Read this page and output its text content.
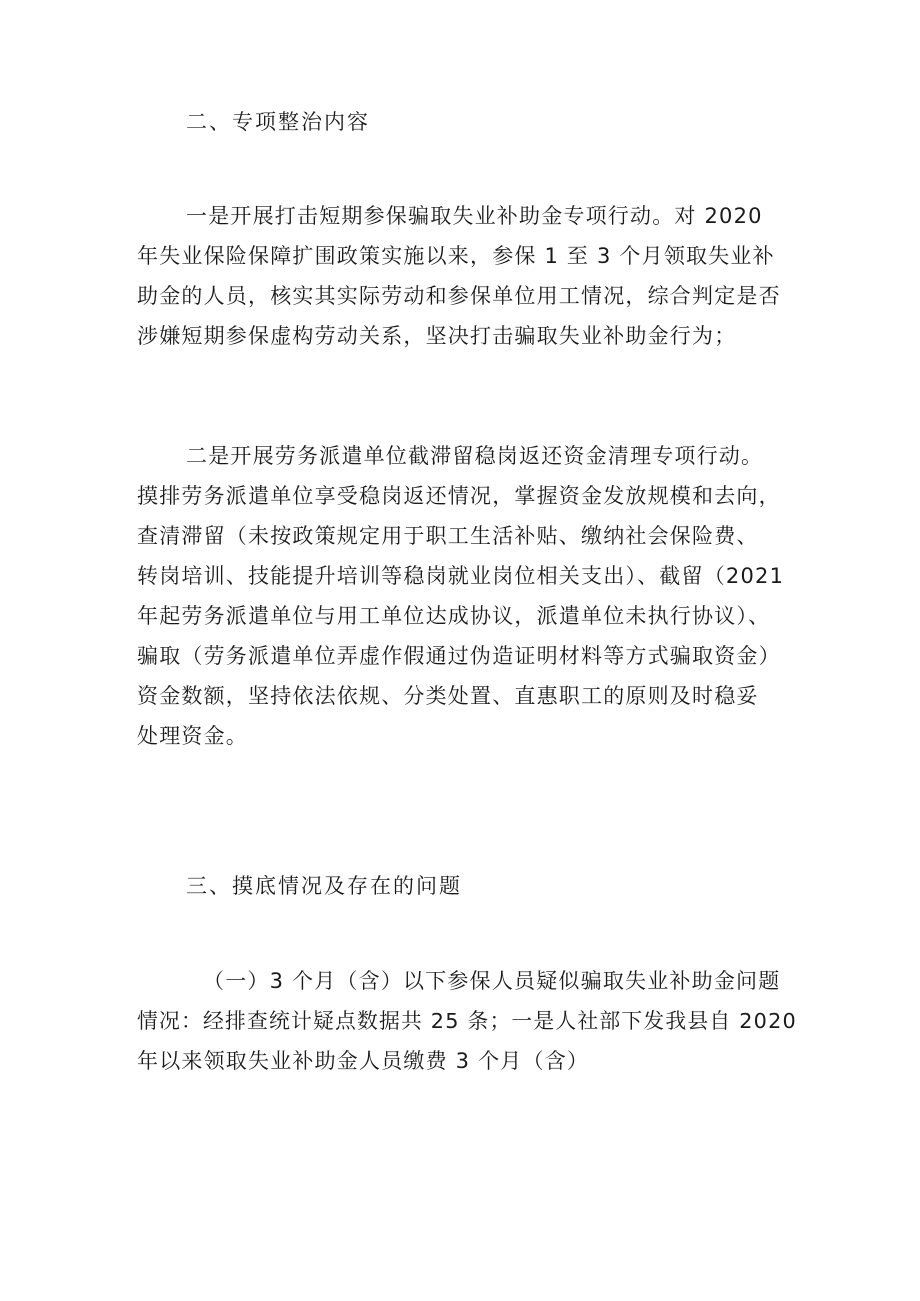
二、专项整治内容
一是开展打击短期参保骗取失业补助金专项行动。对 2020
年失业保险保障扩围政策实施以来，参保 1 至 3 个月领取失业补
助金的人员，核实其实际劳动和参保单位用工情况，综合判定是否
涉嫌短期参保虚构劳动关系，坚决打击骗取失业补助金行为；
二是开展劳务派遣单位截滞留稳岗返还资金清理专项行动。
摸排劳务派遣单位享受稳岗返还情况，掌握资金发放规模和去向，
查清滞留（未按政策规定用于职工生活补贴、缴纳社会保险费、
转岗培训、技能提升培训等稳岗就业岗位相关支出）、截留（2021
年起劳务派遣单位与用工单位达成协议，派遣单位未执行协议）、
骗取（劳务派遣单位弄虚作假通过伪造证明材料等方式骗取资金）
资金数额，坚持依法依规、分类处置、直惠职工的原则及时稳妥
处理资金。
三、摸底情况及存在的问题
（一）3 个月（含）以下参保人员疑似骗取失业补助金问题
情况：经排查统计疑点数据共 25 条；一是人社部下发我县自 2020
年以来领取失业补助金人员缴费 3 个月（含）
